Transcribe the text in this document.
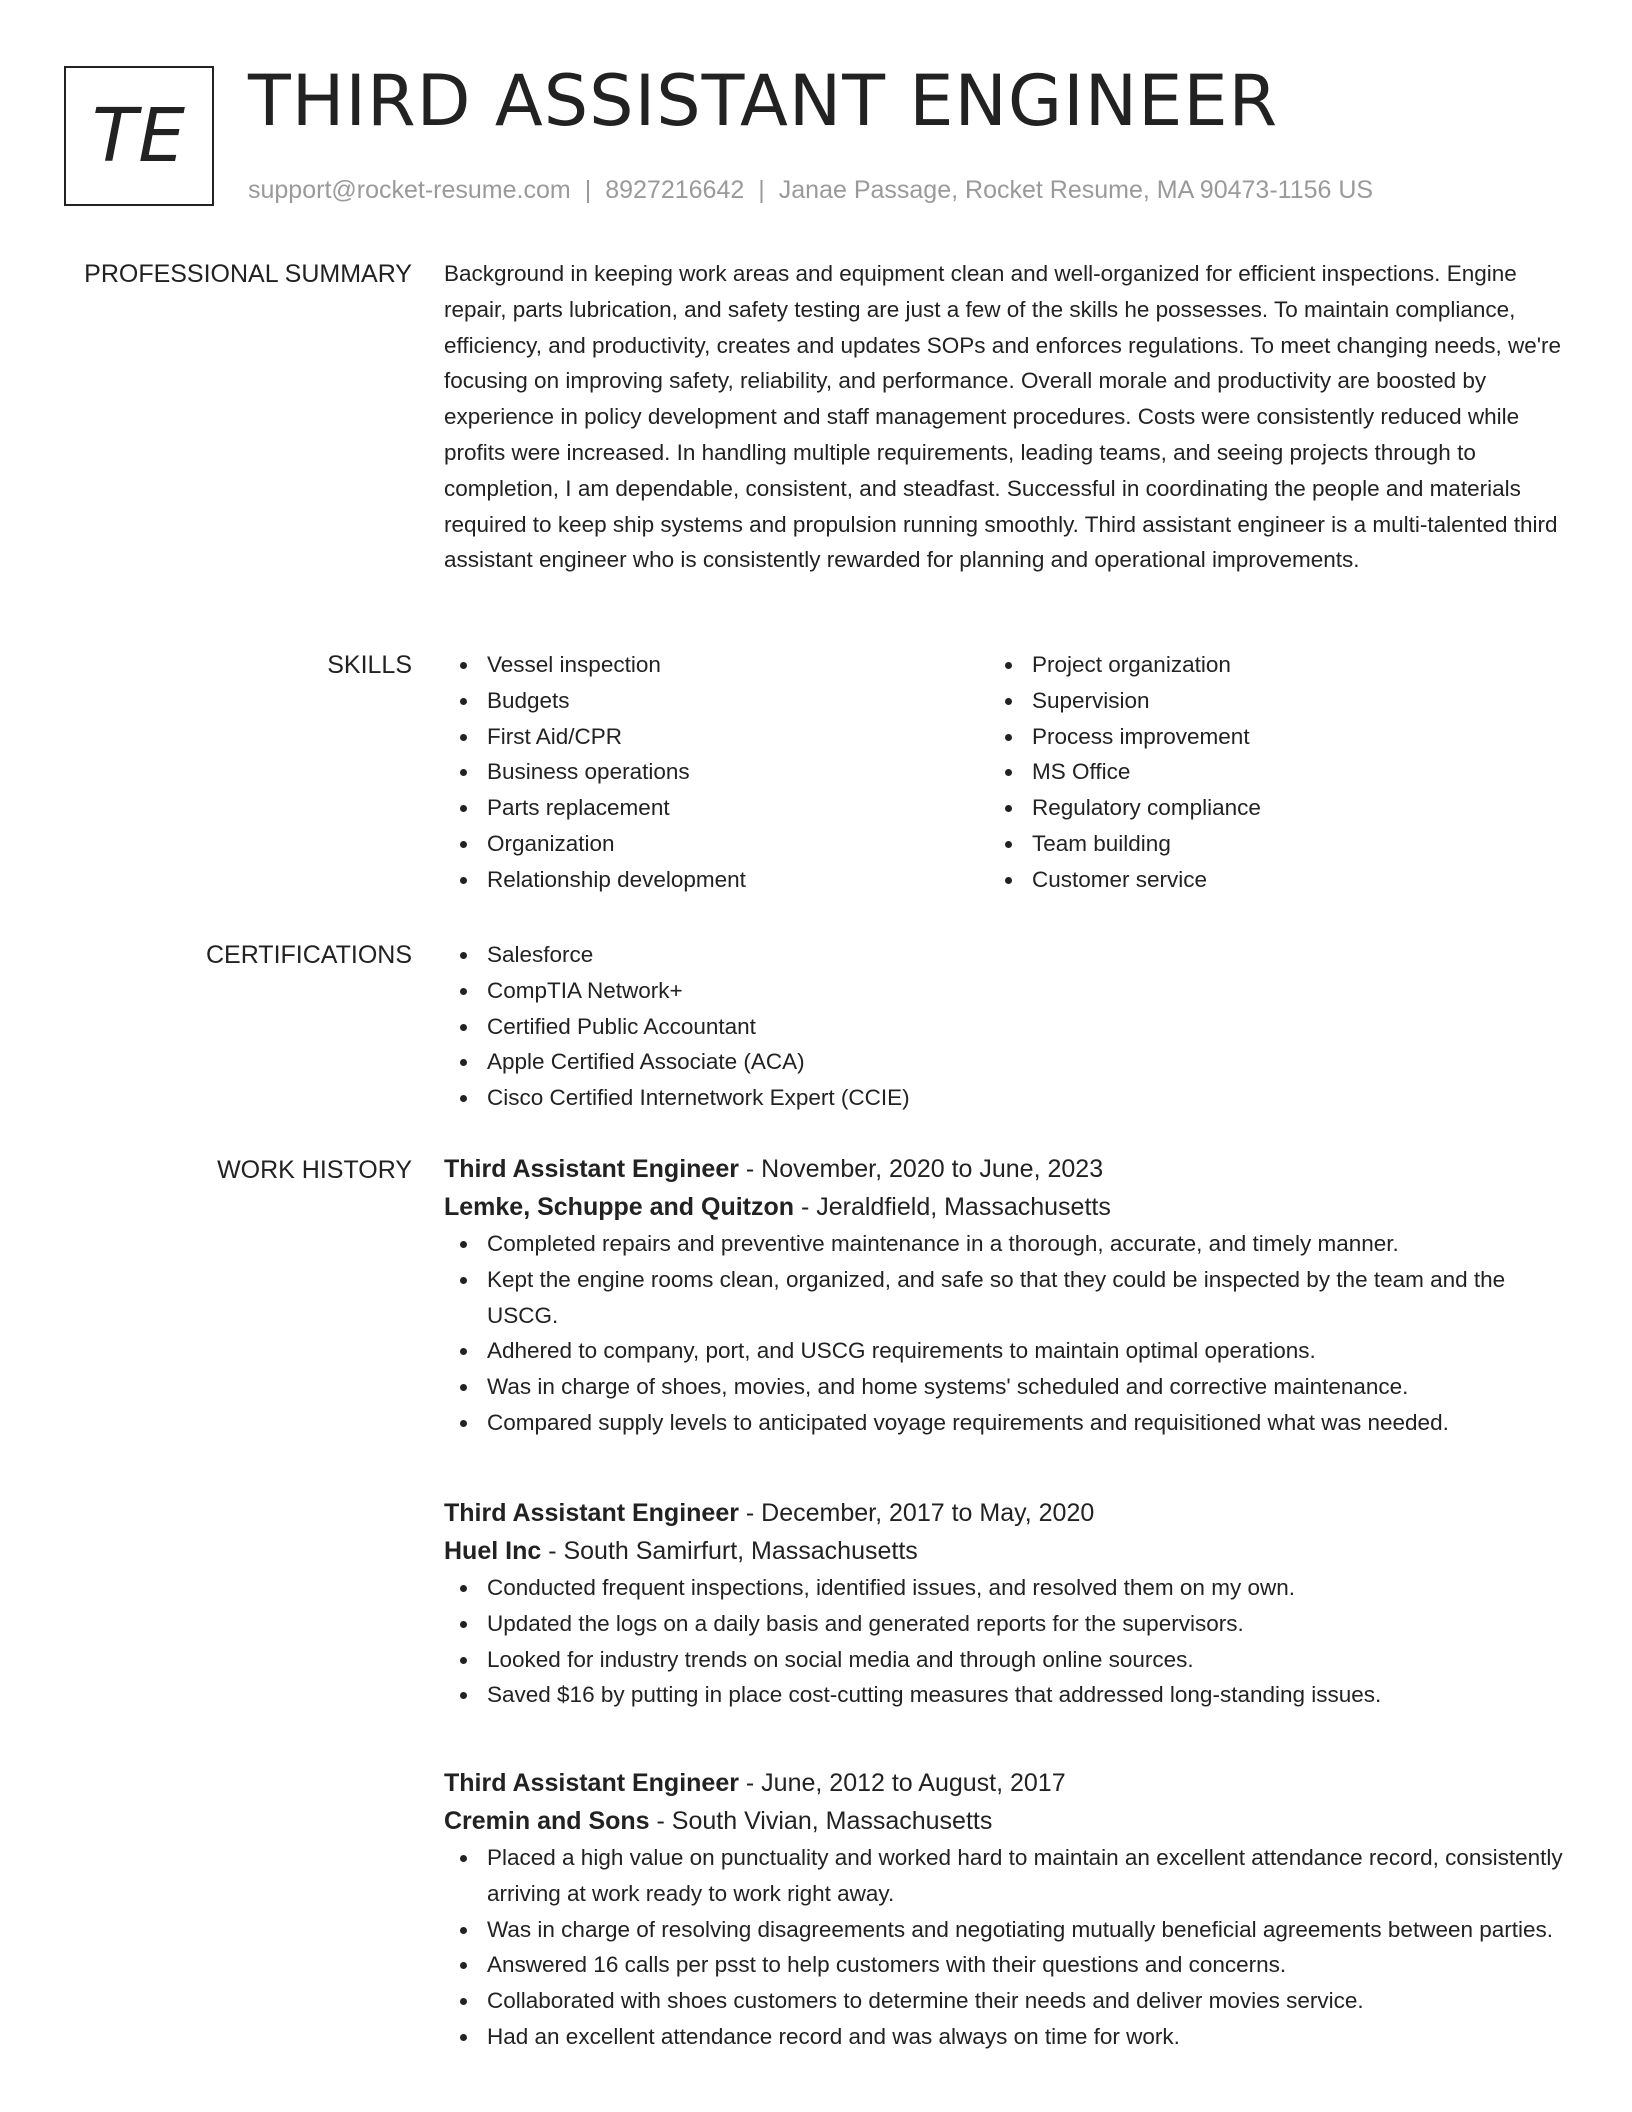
TE THIRD ASSISTANT ENGINEER
support@rocket-resume.com | 8927216642 | Janae Passage, Rocket Resume, MA 90473-1156 US
PROFESSIONAL SUMMARY Background in keeping work areas and equipment clean and well-organized for efficient inspections. Engine repair, parts lubrication, and safety testing are just a few of the skills he possesses. To maintain compliance, efficiency, and productivity, creates and updates SOPs and enforces regulations. To meet changing needs, we're focusing on improving safety, reliability, and performance. Overall morale and productivity are boosted by experience in policy development and staff management procedures. Costs were consistently reduced while profits were increased. In handling multiple requirements, leading teams, and seeing projects through to completion, I am dependable, consistent, and steadfast. Successful in coordinating the people and materials required to keep ship systems and propulsion running smoothly. Third assistant engineer is a multi-talented third assistant engineer who is consistently rewarded for planning and operational improvements.

SKILLS	Vessel inspection
Budgets
First Aid/CPR
Business operations
Parts replacement
Organization
Relationship development
Project organization
Supervision
Process improvement
MS Office
Regulatory compliance
Team building
Customer service
CERTIFICATIONS	Salesforce
CompTIA Network+
Certified Public Accountant
Apple Certified Associate (ACA)
Cisco Certified Internetwork Expert (CCIE)
WORK HISTORY Third Assistant Engineer - November, 2020 to June, 2023
Lemke, Schuppe and Quitzon - Jeraldfield, Massachusetts
Completed repairs and preventive maintenance in a thorough, accurate, and timely manner.
Kept the engine rooms clean, organized, and safe so that they could be inspected by the team and the USCG.
Adhered to company, port, and USCG requirements to maintain optimal operations.
Was in charge of shoes, movies, and home systems' scheduled and corrective maintenance.
Compared supply levels to anticipated voyage requirements and requisitioned what was needed.
Third Assistant Engineer - December, 2017 to May, 2020
Huel Inc - South Samirfurt, Massachusetts
Conducted frequent inspections, identified issues, and resolved them on my own.
Updated the logs on a daily basis and generated reports for the supervisors.
Looked for industry trends on social media and through online sources.
Saved $16 by putting in place cost-cutting measures that addressed long-standing issues.
Third Assistant Engineer - June, 2012 to August, 2017
Cremin and Sons - South Vivian, Massachusetts
Placed a high value on punctuality and worked hard to maintain an excellent attendance record, consistently arriving at work ready to work right away.
Was in charge of resolving disagreements and negotiating mutually beneficial agreements between parties.
Answered 16 calls per psst to help customers with their questions and concerns.
Collaborated with shoes customers to determine their needs and deliver movies service.
Had an excellent attendance record and was always on time for work.
